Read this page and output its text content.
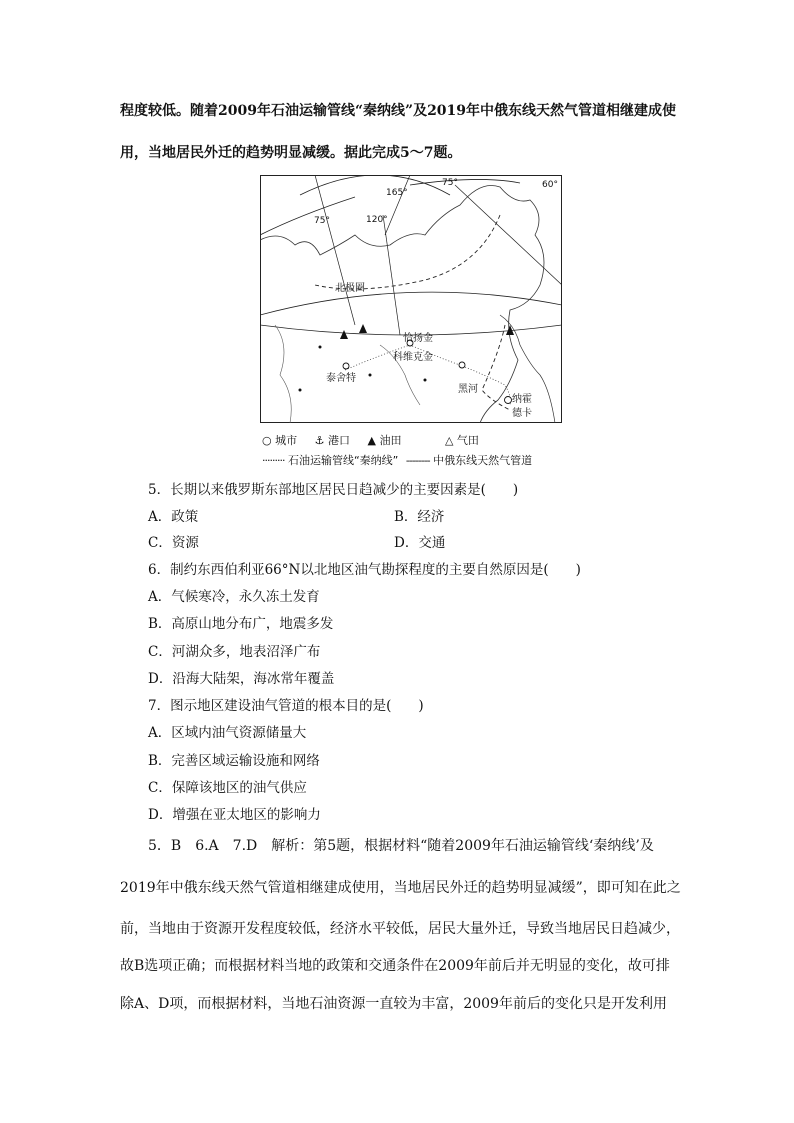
程度较低。随着2009年石油运输管线“秦纳线”及2019年中俄东线天然气管道相继建成使
用，当地居民外迁的趋势明显减缓。据此完成5～7题。
75°
165°
75°	60°
120°
北极圈
恰扬金
科维克金
泰舍特
黑河
纳霍
德卡
○ 城市 ⚓ 港口 ▲ 油田	△ 气田
········· 石油运输管线“秦纳线” -------- 中俄东线天然气管道
5．长期以来俄罗斯东部地区居民日趋减少的主要因素是(　　)
A．政策	B．经济
C．资源	D．交通
6．制约东西伯利亚66°N以北地区油气勘探程度的主要自然原因是(　　)
A．气候寒冷，永久冻土发育
B．高原山地分布广，地震多发
C．河湖众多，地表沼泽广布
D．沿海大陆架，海冰常年覆盖
7．图示地区建设油气管道的根本目的是(　　)
A．区域内油气资源储量大
B．完善区域运输设施和网络
C．保障该地区的油气供应
D．增强在亚太地区的影响力
5．B　6.A　7.D　解析：第5题，根据材料“随着2009年石油运输管线‘秦纳线’及
2019年中俄东线天然气管道相继建成使用，当地居民外迁的趋势明显减缓”，即可知在此之
前，当地由于资源开发程度较低，经济水平较低，居民大量外迁，导致当地居民日趋减少，
故B选项正确；而根据材料当地的政策和交通条件在2009年前后并无明显的变化，故可排
除A、D项，而根据材料，当地石油资源一直较为丰富，2009年前后的变化只是开发利用
